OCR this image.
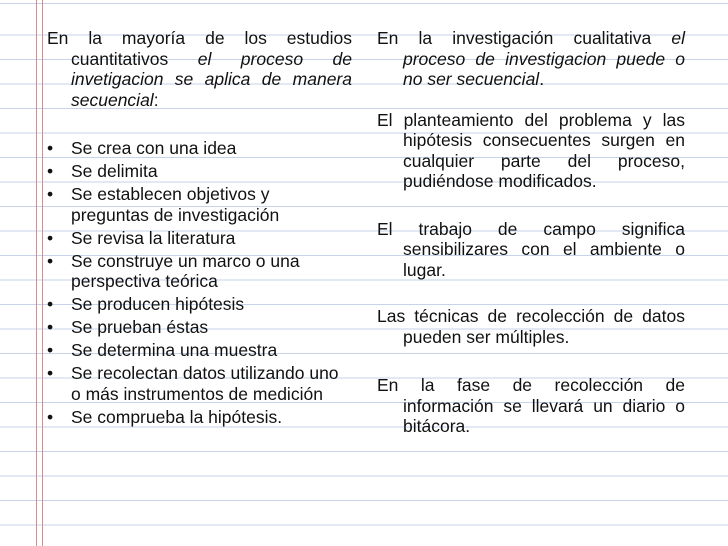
En la mayoría de los estudios cuantitativos el proceso de invetigacion se aplica de manera secuencial:
• Se crea con una idea
• Se delimita
• Se establecen objetivos y preguntas de investigación
• Se revisa la literatura
• Se construye un marco o una perspectiva teórica
• Se producen hipótesis
• Se prueban éstas
• Se determina una muestra
• Se recolectan datos utilizando uno o más instrumentos de medición
• Se comprueba la hipótesis.
En la investigación cualitativa el proceso de investigacion puede o no ser secuencial.
El planteamiento del problema y las hipótesis consecuentes surgen en cualquier parte del proceso, pudiéndose modificados.
El trabajo de campo significa sensibilizares con el ambiente o lugar.
Las técnicas de recolección de datos pueden ser múltiples.
En la fase de recolección de información se llevará un diario o bitácora.
